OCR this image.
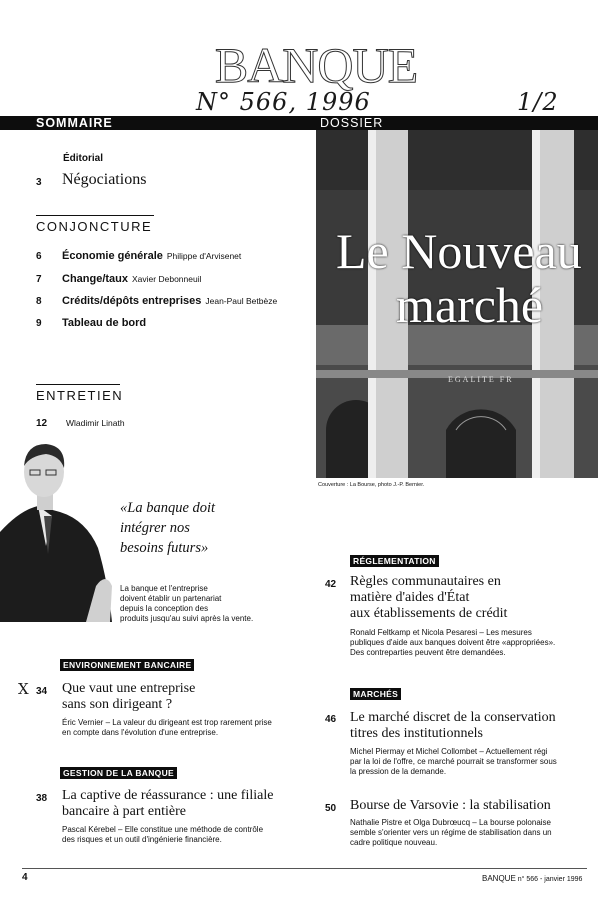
BANQUE
N° 566, 1996	1/2
SOMMAIRE	DOSSIER
Éditorial
3 Négociations
CONJONCTURE
6 Économie générale Philippe d'Arvisenet
7 Change/taux Xavier Debonneuil
8 Crédits/dépôts entreprises Jean-Paul Betbèze
9 Tableau de bord
ENTRETIEN
12 Wladimir Linath
«La banque doit
intégrer nos
besoins futurs»
La banque et l'entreprise
doivent établir un partenariat
depuis la conception des
produits jusqu'au suivi après la vente.
ENVIRONNEMENT BANCAIRE
X 34 Que vaut une entreprise
sans son dirigeant ?
Éric Vernier – La valeur du dirigeant est trop rarement prise
en compte dans l'évolution d'une entreprise.
GESTION DE LA BANQUE
38 La captive de réassurance : une filiale
bancaire à part entière
Pascal Kérebel – Elle constitue une méthode de contrôle
des risques et un outil d'ingénierie financière.
EGALITE FR
Le Nouveau
marché
Couverture : La Bourse, photo J.-P. Bernier.
RÉGLEMENTATION
42 Règles communautaires en
matière d'aides d'État
aux établissements de crédit
Ronald Feltkamp et Nicola Pesaresi – Les mesures
publiques d'aide aux banques doivent être «appropriées».
Des contreparties peuvent être demandées.
MARCHÉS
46 Le marché discret de la conservation
titres des institutionnels
Michel Piermay et Michel Collombet – Actuellement régi
par la loi de l'offre, ce marché pourrait se transformer sous
la pression de la demande.
50 Bourse de Varsovie : la stabilisation
Nathalie Pistre et Olga Dubrœucq – La bourse polonaise
semble s'orienter vers un régime de stabilisation dans un
cadre politique nouveau.
4	BANQUE n° 566 - janvier 1996
